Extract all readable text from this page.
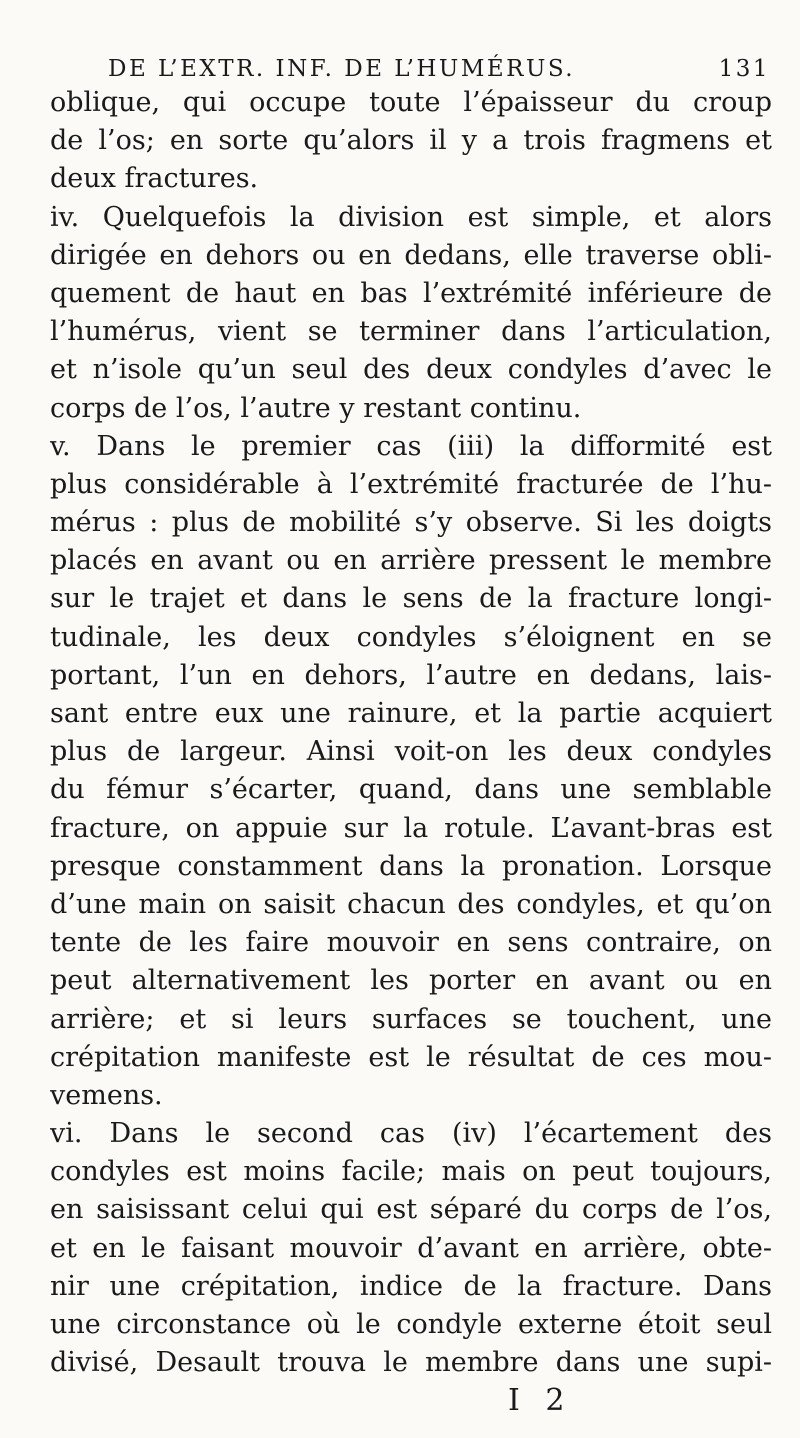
DE L’EXTR. INF. DE L’HUMÉRUS.	131
oblique, qui occupe toute l’épaisseur du croup
de l’os; en sorte qu’alors il y a trois fragmens et
deux fractures.
iv. Quelquefois la division est simple, et alors
dirigée en dehors ou en dedans, elle traverse obli-
quement de haut en bas l’extrémité inférieure de
l’humérus, vient se terminer dans l’articulation,
et n’isole qu’un seul des deux condyles d’avec le
corps de l’os, l’autre y restant continu.
v. Dans le premier cas (iii) la difformité est
plus considérable à l’extrémité fracturée de l’hu-
mérus : plus de mobilité s’y observe. Si les doigts
placés en avant ou en arrière pressent le membre
sur le trajet et dans le sens de la fracture longi-
tudinale, les deux condyles s’éloignent en se
portant, l’un en dehors, l’autre en dedans, lais-
sant entre eux une rainure, et la partie acquiert
plus de largeur. Ainsi voit-on les deux condyles
du fémur s’écarter, quand, dans une semblable
fracture, on appuie sur la rotule. L’avant-bras est
presque constamment dans la pronation. Lorsque
d’une main on saisit chacun des condyles, et qu’on
tente de les faire mouvoir en sens contraire, on
peut alternativement les porter en avant ou en
arrière; et si leurs surfaces se touchent, une
crépitation manifeste est le résultat de ces mou-
vemens.
vi. Dans le second cas (iv) l’écartement des
condyles est moins facile; mais on peut toujours,
en saisissant celui qui est séparé du corps de l’os,
et en le faisant mouvoir d’avant en arrière, obte-
nir une crépitation, indice de la fracture. Dans
une circonstance où le condyle externe étoit seul
divisé, Desault trouva le membre dans une supi-
I 2
